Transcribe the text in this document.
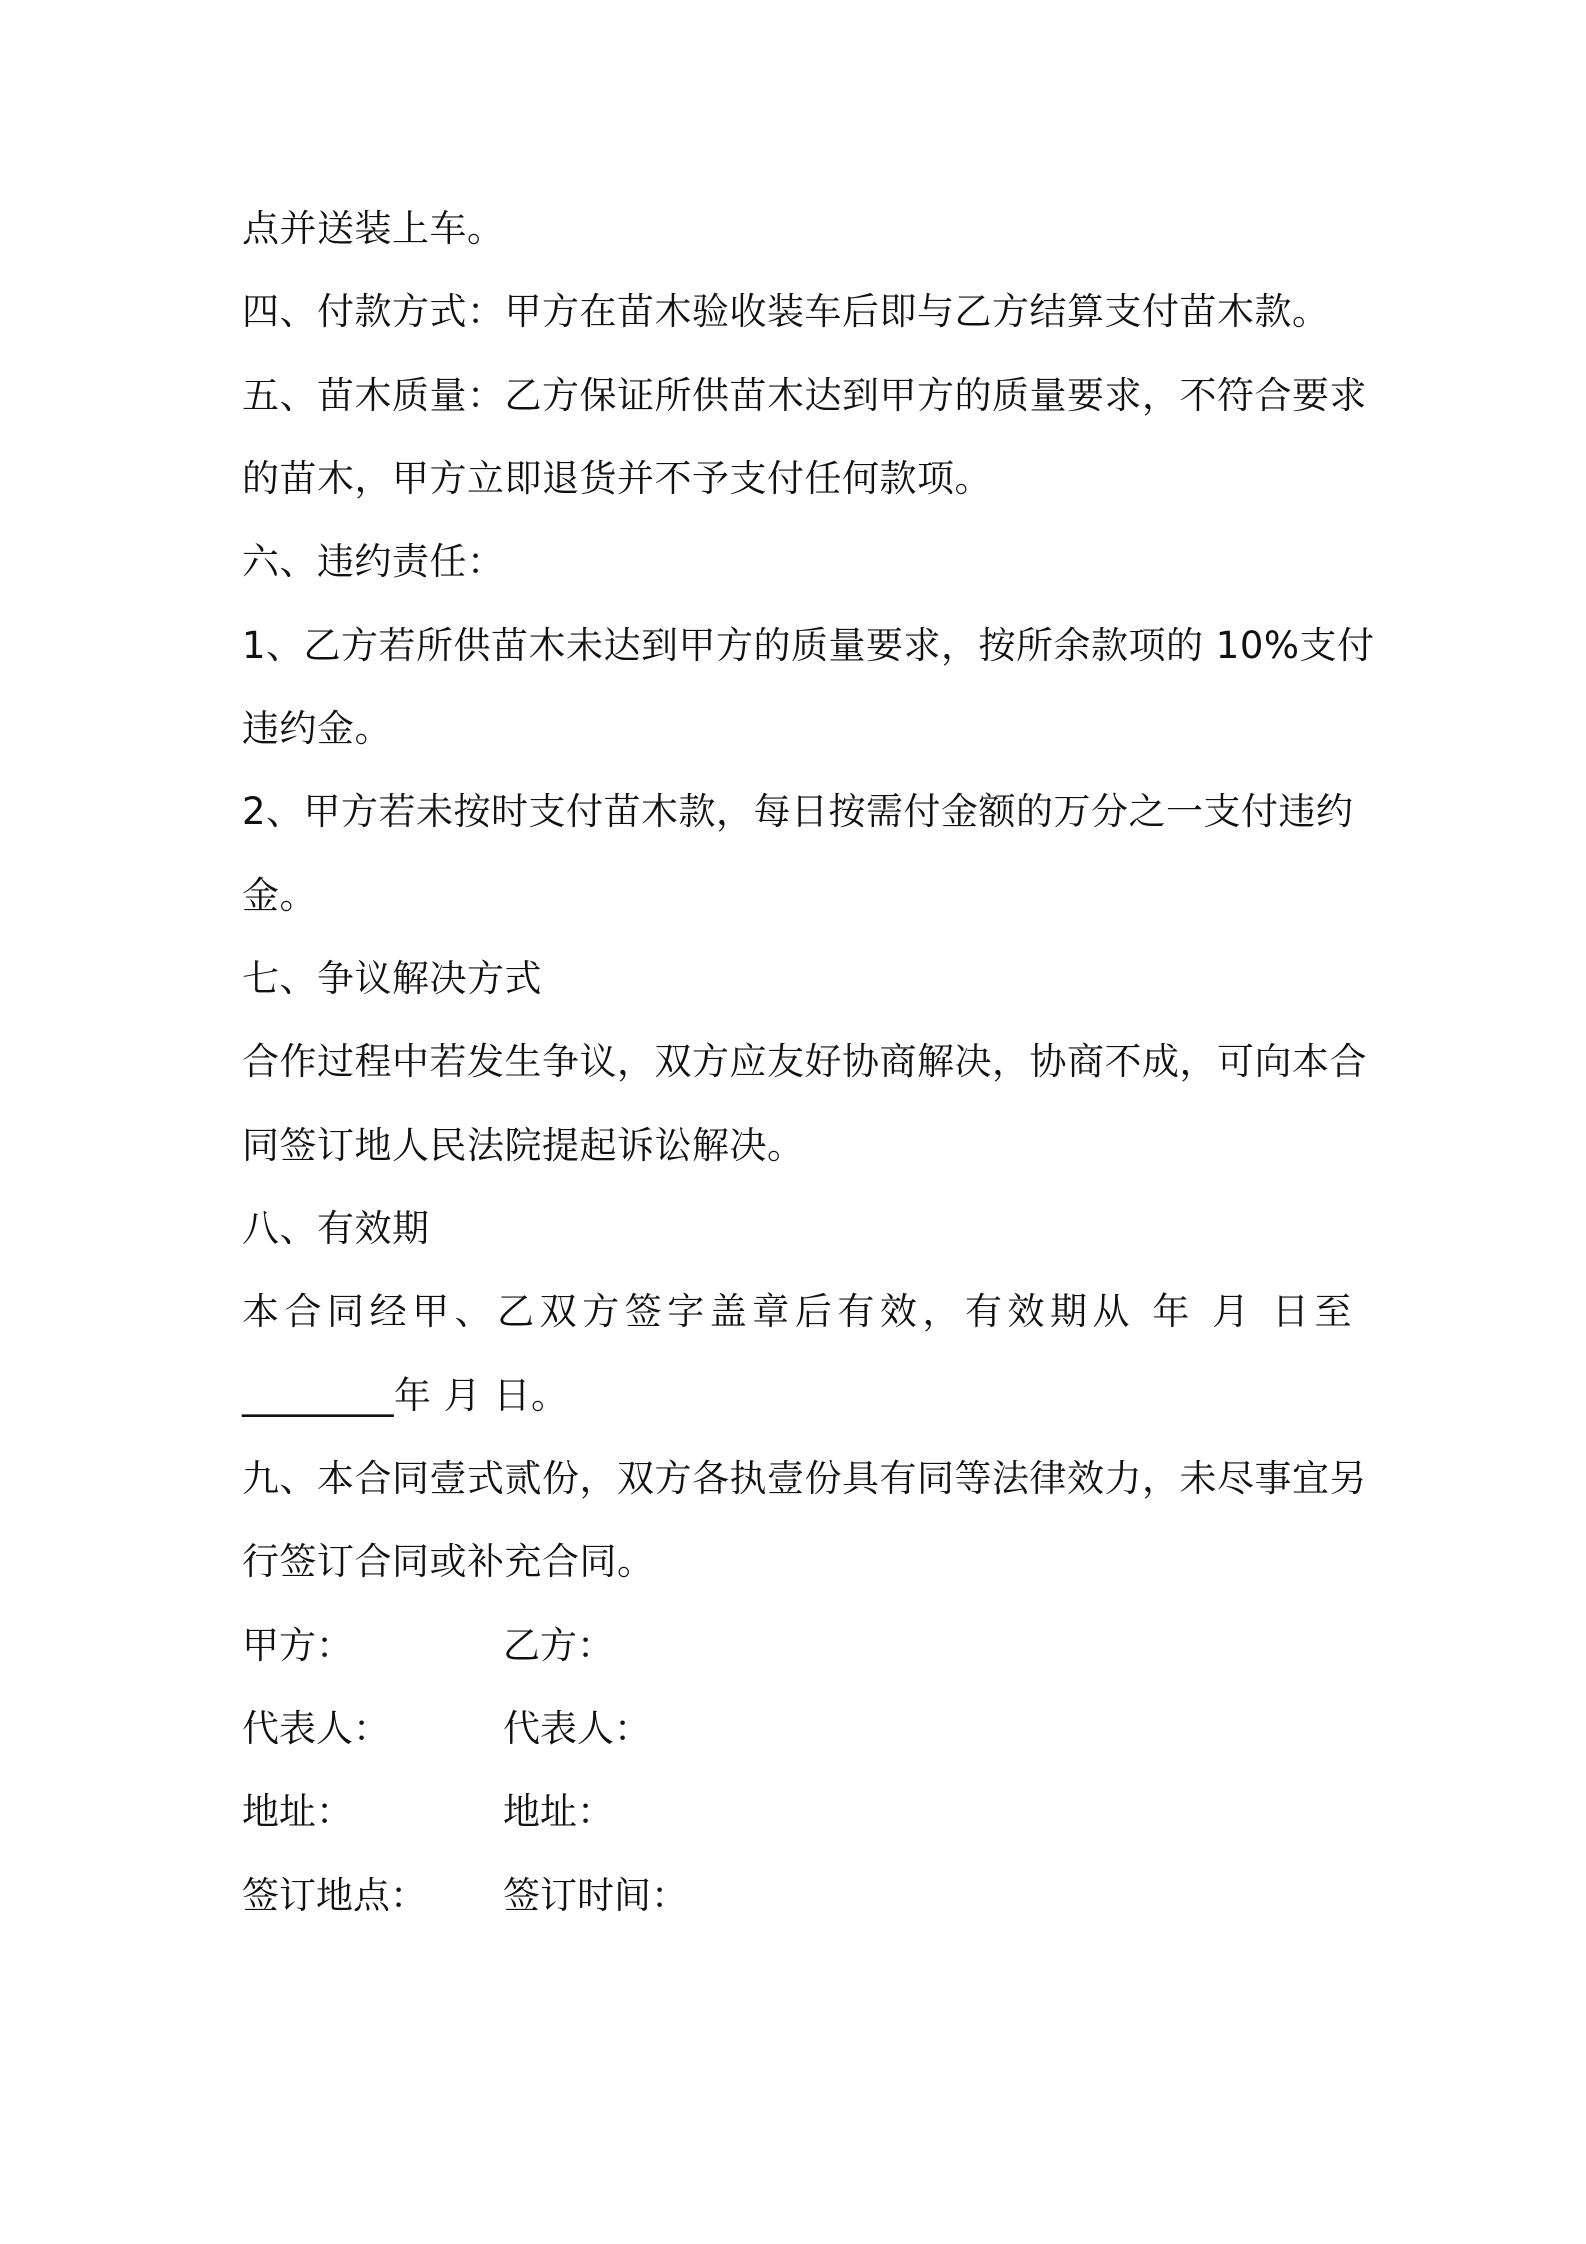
点并送装上车。
四、付款方式：甲方在苗木验收装车后即与乙方结算支付苗木款。
五、苗木质量：乙方保证所供苗木达到甲方的质量要求，不符合要求
的苗木，甲方立即退货并不予支付任何款项。
六、违约责任：
1、乙方若所供苗木未达到甲方的质量要求，按所余款项的 10%支付
违约金。
2、甲方若未按时支付苗木款，每日按需付金额的万分之一支付违约
金。
七、争议解决方式
合作过程中若发生争议，双方应友好协商解决，协商不成，可向本合
同签订地人民法院提起诉讼解决。
八、有效期
本合同经甲、乙双方签字盖章后有效，有效期从 年 月 日至
________年 月 日。
九、本合同壹式贰份，双方各执壹份具有同等法律效力，未尽事宜另
行签订合同或补充合同。
甲方：	乙方：
代表人：	代表人：
地址：	地址：
签订地点： 签订时间：
